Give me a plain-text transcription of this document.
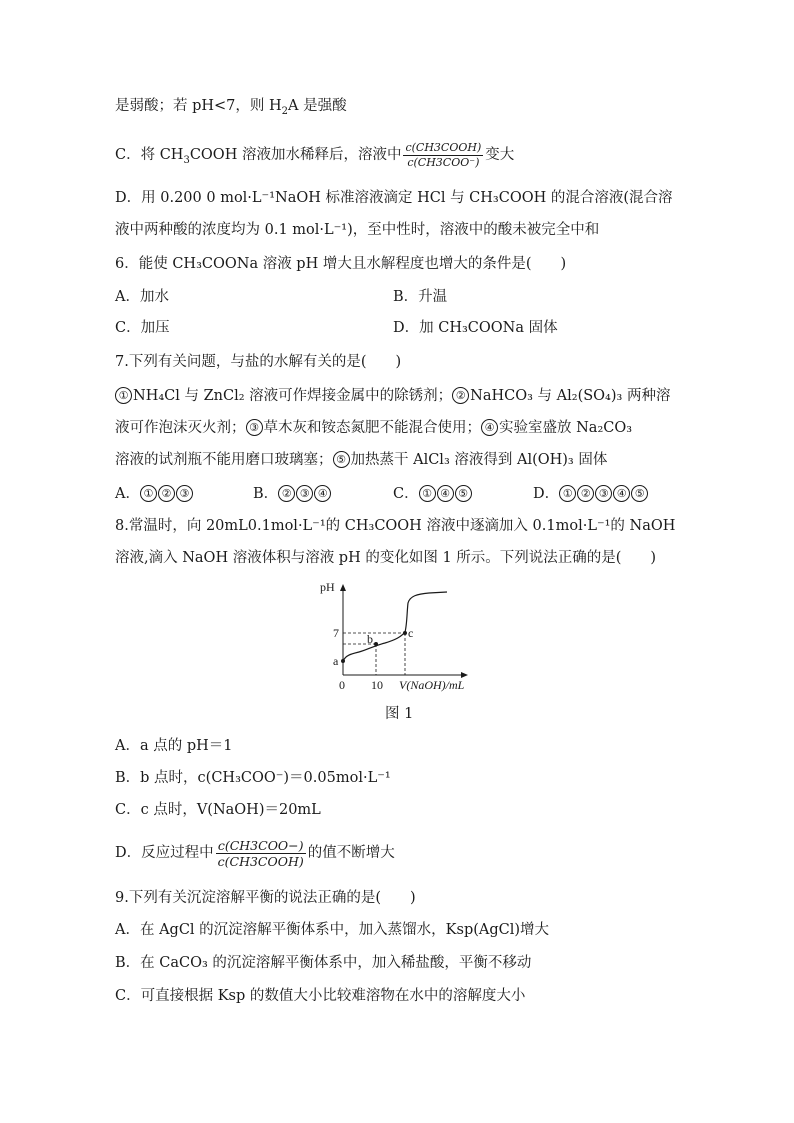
是弱酸；若 pH<7，则 $H_2A$ 是强酸
C．将 $CH_3COOH$ 溶液加水稀释后，溶液中 $\frac{\text{c(CH3COOH)}}{\text{c(CH3COO⁻)}}$ 变大
D．用 0.200 0 mol·L⁻¹NaOH 标准溶液滴定 HCl 与 CH₃COOH 的混合溶液(混合溶
液中两种酸的浓度均为 0.1 mol·L⁻¹)，至中性时，溶液中的酸未被完全中和
6．能使 CH₃COONa 溶液 pH 增大且水解程度也增大的条件是(　　)
A．加水	B．升温
C．加压	D．加 CH₃COONa 固体
7.下列有关问题，与盐的水解有关的是(　　)
① NH₄Cl 与 ZnCl₂ 溶液可作焊接金属中的除锈剂； ② NaHCO₃ 与 Al₂(SO₄)₃ 两种溶
液可作泡沫灭火剂； ③ 草木灰和铵态氮肥不能混合使用； ④ 实验室盛放 Na₂CO₃
溶液的试剂瓶不能用磨口玻璃塞； ⑤ 加热蒸干 AlCl₃ 溶液得到 Al(OH)₃ 固体
A． ① ② ③	B． ② ③ ④	C． ① ④ ⑤	D． ① ② ③ ④ ⑤
8.常温时，向 20mL0.1mol·L⁻¹的 CH₃COOH 溶液中逐滴加入 0.1mol·L⁻¹的 NaOH
溶液,滴入 NaOH 溶液体积与溶液 pH 的变化如图 1 所示。下列说法正确的是(　　)
pH
V(NaOH)/mL
0 10
7
a
b	c
图 1
A．a 点的 pH＝1
B．b 点时，c(CH₃COO⁻)＝0.05mol·L⁻¹
C．c 点时，V(NaOH)＝20mL
D．反应过程中 $\frac{\text{c(CH3COO−)}}{\text{c(CH3COOH)}}$ 的值不断增大
9.下列有关沉淀溶解平衡的说法正确的是(　　)
A．在 AgCl 的沉淀溶解平衡体系中，加入蒸馏水，Ksp(AgCl)增大
B．在 CaCO₃ 的沉淀溶解平衡体系中，加入稀盐酸，平衡不移动
C．可直接根据 Ksp 的数值大小比较难溶物在水中的溶解度大小
